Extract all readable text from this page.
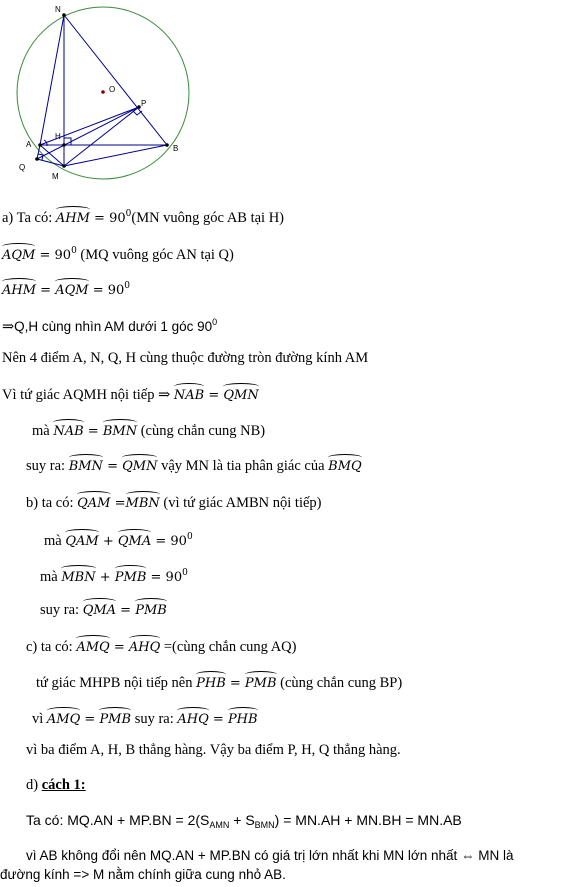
N
O
P
H
A	B
Q
M
a) Ta có: AHM = $90^0(MN$ vuông góc AB tại H)
AQM = $90^0$ (MQ vuông góc AN tại Q)
AHM = AQM = $90^0$
⇒Q,H cùng nhìn AM dưới 1 góc $90^0$
Nên 4 điểm A, N, Q, H cùng thuộc đường tròn đường kính AM
Vì tứ giác AQMH nội tiếp ⇒ NAB = QMN
mà NAB = BMN (cùng chắn cung NB)
suy ra: BMN = QMN vậy MN là tia phân giác của BMQ
b) ta có: QAM =MBN (vì tứ giác AMBN nội tiếp)
mà QAM + QMA = $90^0$
mà MBN + PMB = $90^0$
suy ra: QMA = PMB
c) ta có: AMQ = AHQ =(cùng chắn cung AQ)
tứ giác MHPB nội tiếp nên PHB = PMB (cùng chắn cung BP)
vì AMQ = PMB suy ra: AHQ = PHB
vì ba điểm A, H, B thẳng hàng. Vậy ba điểm P, H, Q thẳng hàng.
d) cách 1:
Ta có: $MQ.AN + MP.BN = 2(S_{AMN} + S_{BMN}) = MN.AH + MN.BH = MN.AB$
vì AB không đổi nên MQ.AN + MP.BN có giá trị lớn nhất khi MN lớn nhất ⇔ MN là
đường kính => M nằm chính giữa cung nhỏ AB.
